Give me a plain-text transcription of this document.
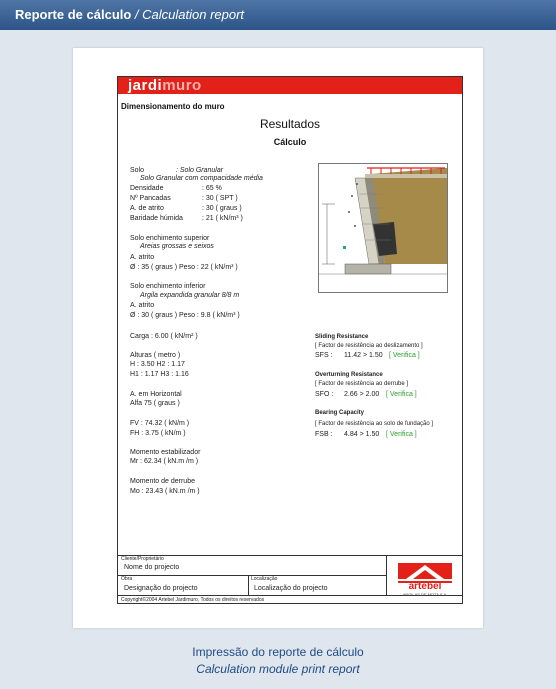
Reporte de cálculo / Calculation report
jardimuro
Dimensionamento do muro
Resultados
Cálculo
Solo	: Solo Granular
Solo Granular com compacidade média
Solo enchimento superior
Areias grossas e seixos
A. atrito
Ø : 35 ( graus ) Peso : 22 ( kN/m³ )
Solo enchimento inferior
Argila expandida granular 8/8 m
A. atrito
Ø : 30 ( graus ) Peso : 9.8 ( kN/m³ )
Carga : 6.00 ( kN/m² )
Alturas ( metro )
H : 3.50 H2 : 1.17
H1 : 1.17 H3 : 1.16
A. em Horizontal
Alfa 75 ( graus )
FV : 74.32 ( kN/m )
FH : 3.75 ( kN/m )
Momento estabilizador
Mr : 62.34 ( kN.m /m )
Momento de derrube
Mo : 23.43 ( kN.m /m )
Sliding Resistance
[ Factor de resistência ao deslizamento ]
SFS : 11.42 > 1.50 [ Verifica ]
Overturning Resistance
[ Factor de resistência ao derrube ]
SFO : 2.66 > 2.00 [ Verifica ]
Bearing Capacity
[ Factor de resistência ao solo de fundação ]
FSB : 4.84 > 1.50 [ Verifica ]
Cliente/Proprietário
Nome do projecto
Obra
Designação do projecto
Localização
Localização do projecto
Copyright©2004 Artebel Jardimuro, Todos os direitos reservados
artebel
ARGILAS DE MOTA S.A.
Densidade	: 65 %
Nº Pancadas	: 30 ( SPT )
A. de atrito	: 30 ( graus )
Baridade húmida	: 21 ( kN/m³ )
Impressão do reporte de cálculo
Calculation module print report
